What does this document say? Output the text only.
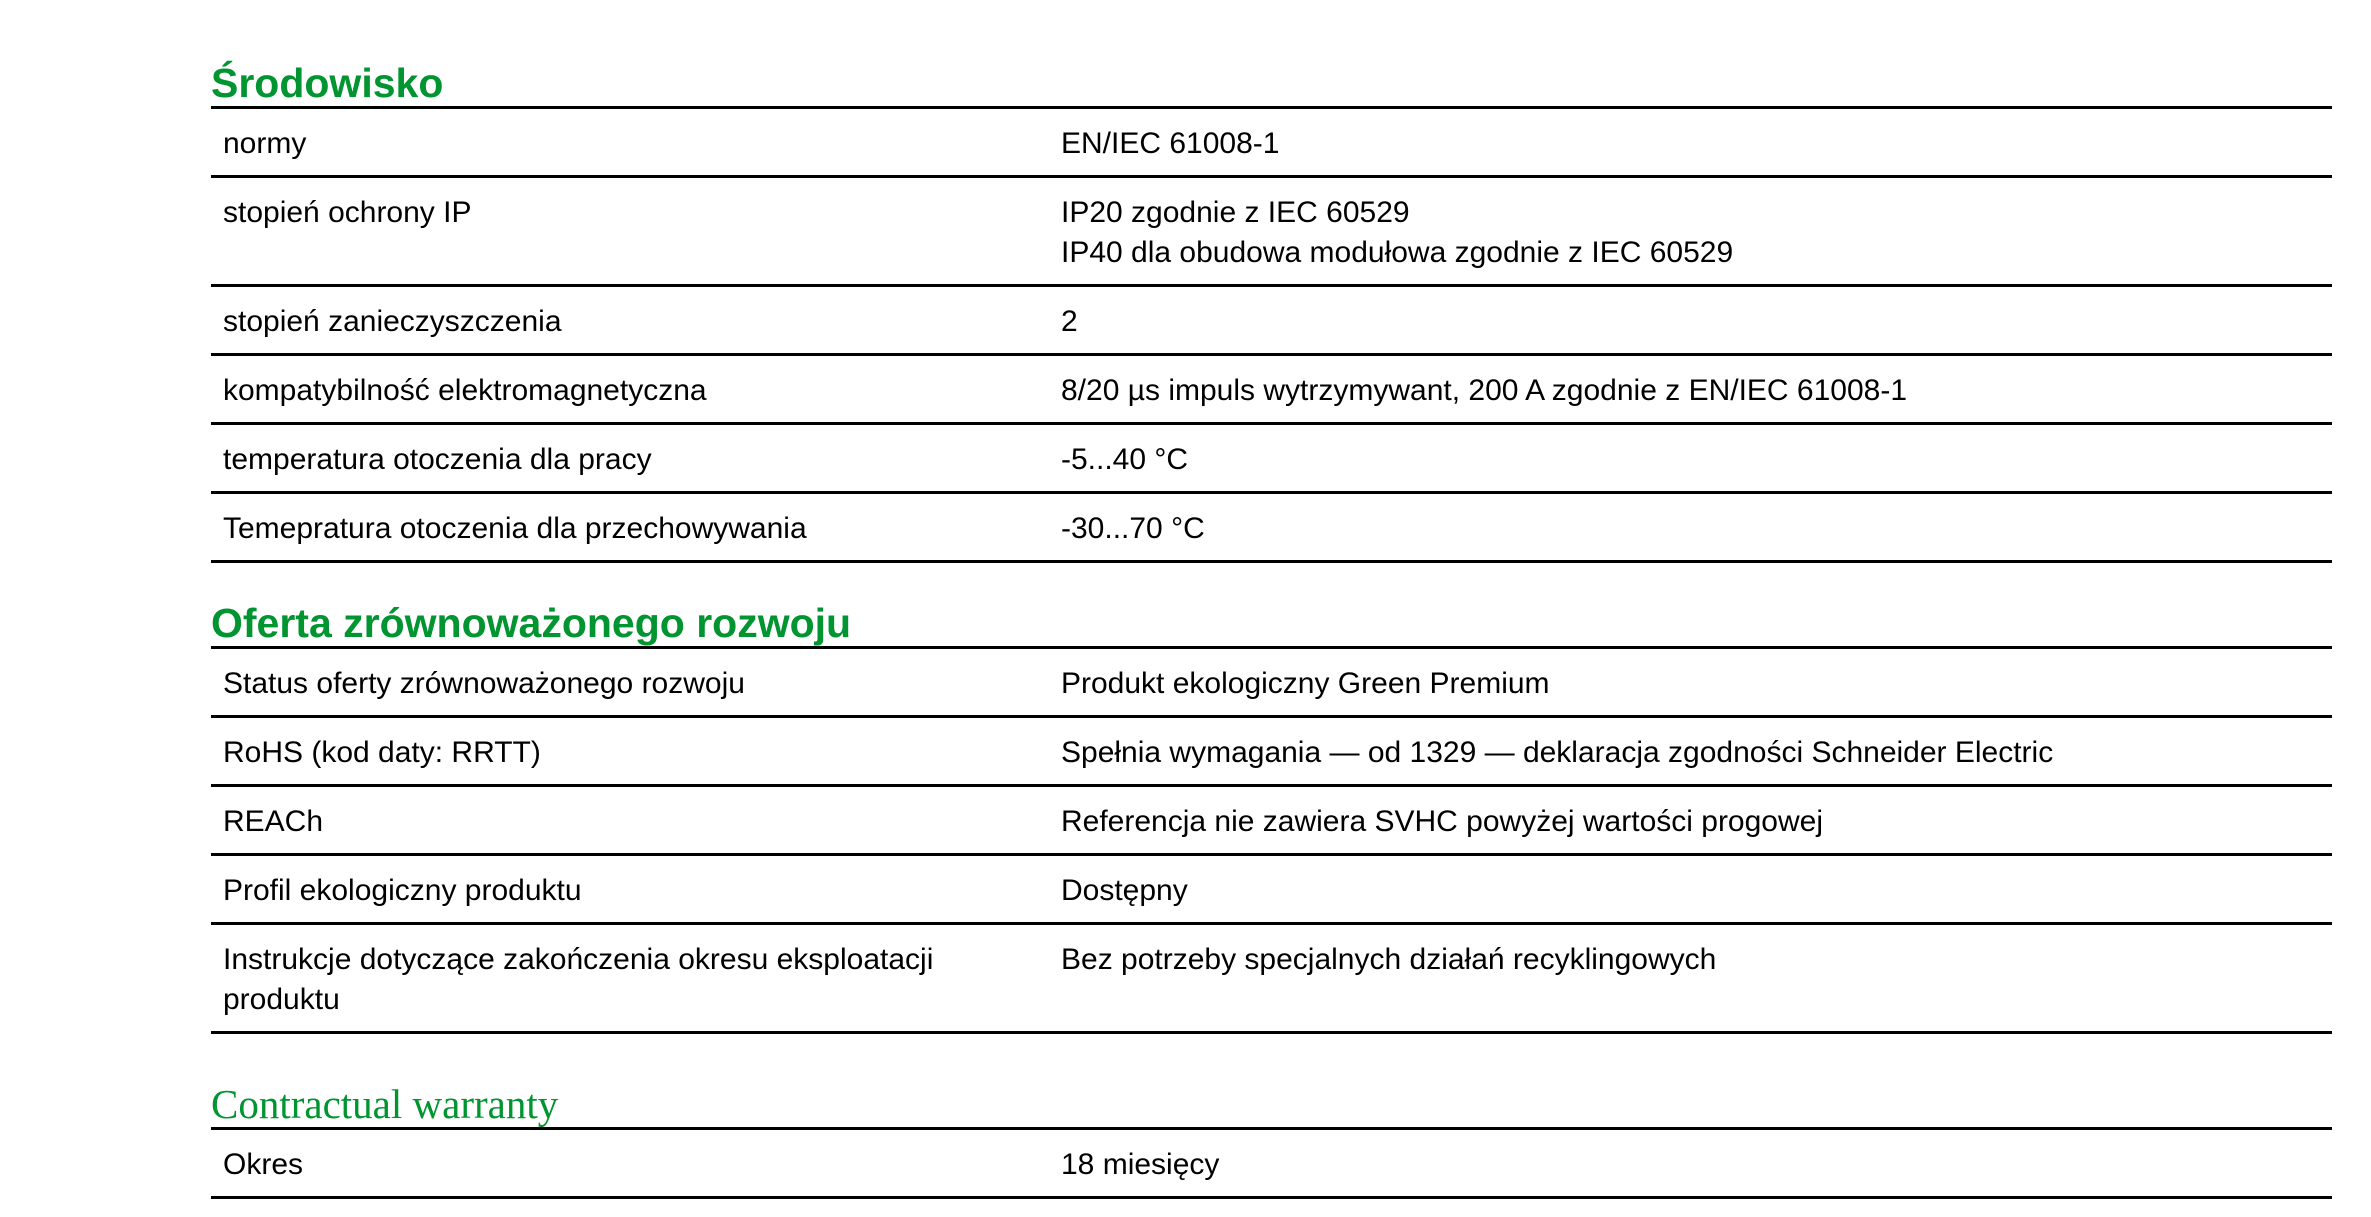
Środowisko
normy	EN/IEC 61008-1

stopień ochrony IP	IP20 zgodnie z IEC 60529
IP40 dla obudowa modułowa zgodnie z IEC 60529

stopień zanieczyszczenia	2

kompatybilność elektromagnetyczna	8/20 µs impuls wytrzymywant, 200 A zgodnie z EN/IEC 61008-1

temperatura otoczenia dla pracy	-5...40 °C

Temepratura otoczenia dla przechowywania	-30...70 °C
Oferta zrównoważonego rozwoju
Status oferty zrównoważonego rozwoju	Produkt ekologiczny Green Premium

RoHS (kod daty: RRTT)	Spełnia wymagania — od 1329 — deklaracja zgodności Schneider Electric

REACh	Referencja nie zawiera SVHC powyżej wartości progowej

Profil ekologiczny produktu	Dostępny

Instrukcje dotyczące zakończenia okresu eksploatacji
produktu	Bez potrzeby specjalnych działań recyklingowych
Contractual warranty
Okres	18 miesięcy
